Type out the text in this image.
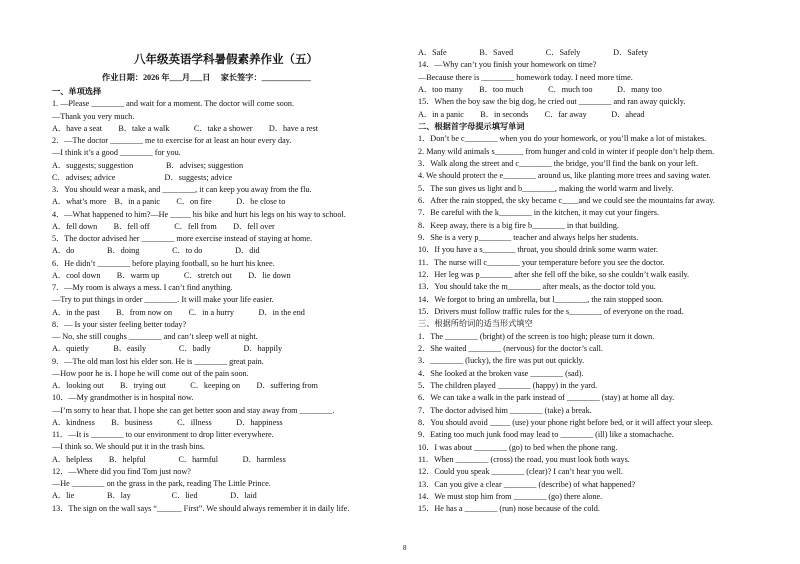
八年级英语学科暑假素养作业（五）
作业日期：2026 年___月___日　 家长签字：____________
一、单项选择
1. —Please ________ and wait for a moment. The doctor will come soon.
—Thank you very much.
A．have a seat　　B．take a walk　　　C．take a shower　　D．have a rest
2．—The doctor ________ me to exercise for at least an hour every day.
—I think it’s a good ________ for you.
A．suggests; suggestion　　　　B．advises; suggestion
C．advises; advice　　　　　　D．suggests; advice
3．You should wear a mask, and ________, it can keep you away from the flu.
A．what’s more　B．in a panic　　C．on fire　　　D．be close to
4．—What happened to him?—He _____ his bike and hurt his legs on his way to school.
A．fell down　　B．fell off　　　C．fell from　　D．fell over
5．The doctor advised her ________ more exercise instead of staying at home.
A．do　　　　B．doing　　　　C．to do　　　　D．did
6．He didn’t ________ before playing football, so he hurt his knee.
A．cool down　　B．warm up　　　C．stretch out　　D．lie down
7．—My room is always a mess. I can’t find anything.
—Try to put things in order ________. It will make your life easier.
A．in the past　　B．from now on　　C．in a hurry　　　D．in the end
8．— Is your sister feeling better today?
— No, she still coughs ________ and can’t sleep well at night.
A．quietly　　　B．easily　　　　C．badly　　　　D．happily
9．—The old man lost his elder son. He is ________ great pain.
—How poor he is. I hope he will come out of the pain soon.
A．looking out　　B．trying out　　　C．keeping on　　D．suffering from
10．—My grandmother is in hospital now.
—I’m sorry to hear that. I hope she can get better soon and stay away from ________.
A．kindness　　B．business　　　C．illness　　　D．happiness
11．—It is ________ to our environment to drop litter everywhere.
—I think so. We should put it in the trash bins.
A．helpless　　B．helpful　　　　C．harmful　　　D．harmless
12．—Where did you find Tom just now?
—He ________ on the grass in the park, reading The Little Prince.
A．lie　　　　B．lay　　　　　C．lied　　　　D．laid
13．The sign on the wall says “______ First”. We should always remember it in daily life.
A．Safe　　　　B．Saved　　　　C．Safely　　　　D．Safety
14．—Why can’t you finish your homework on time?
—Because there is ________ homework today. I need more time.
A．too many　　B．too much　　　C．much too　　　D．many too
15．When the boy saw the big dog, he cried out ________ and ran away quickly.
A．in a panic　　B．in seconds　　C．far away　　　D．ahead
二、根据首字母提示填写单词
1．Don’t be c________ when you do your homework, or you’ll make a lot of mistakes.
2. Many wild animals s_______ from hunger and cold in winter if people don’t help them.
3．Walk along the street and c________ the bridge, you’ll find the bank on your left.
4. We should protect the e________ around us, like planting more trees and saving water.
5．The sun gives us light and b________, making the world warm and lively.
6．After the rain stopped, the sky became c____and we could see the mountains far away.
7．Be careful with the k________ in the kitchen, it may cut your fingers.
8．Keep away, there is a big fire b________ in that building.
9．She is a very p________ teacher and always helps her students.
10．If you have a s________ throat, you should drink some warm water.
11．The nurse will c________ your temperature before you see the doctor.
12．Her leg was p________ after she fell off the bike, so she couldn’t walk easily.
13．You should take the m________ after meals, as the doctor told you.
14．We forgot to bring an umbrella, but l________, the rain stopped soon.
15．Drivers must follow traffic rules for the s________ of everyone on the road.
三、根据所给词的适当形式填空
1．The ________ (bright) of the screen is too high; please turn it down.
2．She waited ________ (nervous) for the doctor’s call.
3．________ (lucky), the fire was put out quickly.
4．She looked at the broken vase ________ (sad).
5．The children played ________ (happy) in the yard.
6．We can take a walk in the park instead of ________ (stay) at home all day.
7．The doctor advised him ________ (take) a break.
8．You should avoid _____ (use) your phone right before bed, or it will affect your sleep.
9．Eating too much junk food may lead to ________ (ill) like a stomachache.
10．I was about ________ (go) to bed when the phone rang.
11．When ________ (cross) the road, you must look both ways.
12．Could you speak ________ (clear)? I can’t hear you well.
13．Can you give a clear ________ (describe) of what happened?
14．We must stop him from ________ (go) there alone.
15．He has a ________ (run) nose because of the cold.
8
